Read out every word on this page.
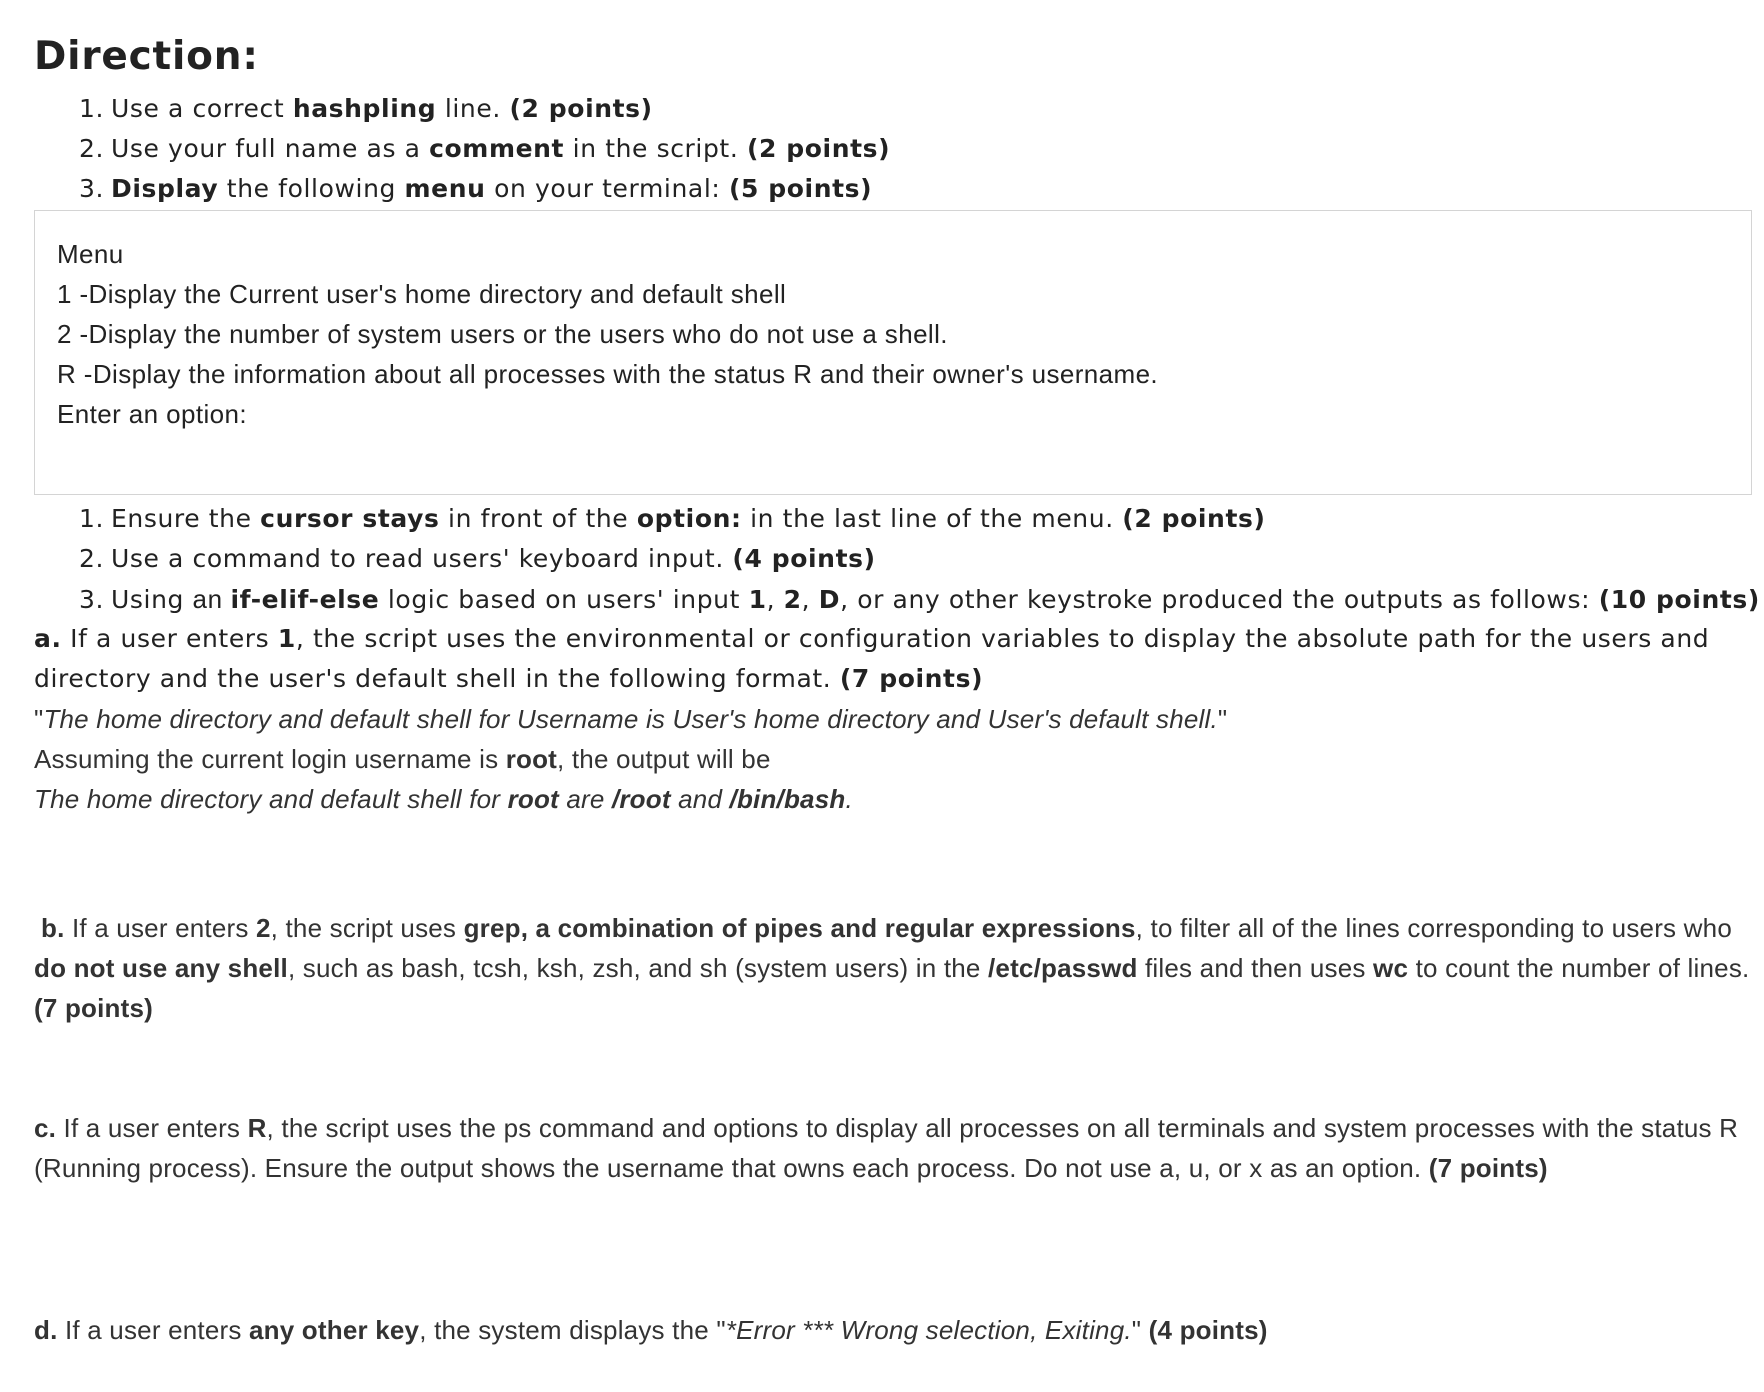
Direction:
1. Use a correct hashpling line. (2 points)
2. Use your full name as a comment in the script. (2 points)
3. Display the following menu on your terminal: (5 points)
Menu
1 -Display the Current user's home directory and default shell
2 -Display the number of system users or the users who do not use a shell.
R -Display the information about all processes with the status R and their owner's username.
Enter an option:
1. Ensure the cursor stays in front of the option: in the last line of the menu. (2 points)
2. Use a command to read users' keyboard input. (4 points)
3. Using an if-elif-else logic based on users' input 1, 2, D, or any other keystroke produced the outputs as follows: (10 points)
a. If a user enters 1, the script uses the environmental or configuration variables to display the absolute path for the users and
directory and the user's default shell in the following format. (7 points)
"The home directory and default shell for Username is User's home directory and User's default shell."
Assuming the current login username is root, the output will be
The home directory and default shell for root are /root and /bin/bash.
b. If a user enters 2, the script uses grep, a combination of pipes and regular expressions, to filter all of the lines corresponding to users who
do not use any shell, such as bash, tcsh, ksh, zsh, and sh (system users) in the /etc/passwd files and then uses wc to count the number of lines.
(7 points)
c. If a user enters R, the script uses the ps command and options to display all processes on all terminals and system processes with the status R
(Running process). Ensure the output shows the username that owns each process. Do not use a, u, or x as an option. (7 points)
d. If a user enters any other key, the system displays the "*Error *** Wrong selection, Exiting." (4 points)
